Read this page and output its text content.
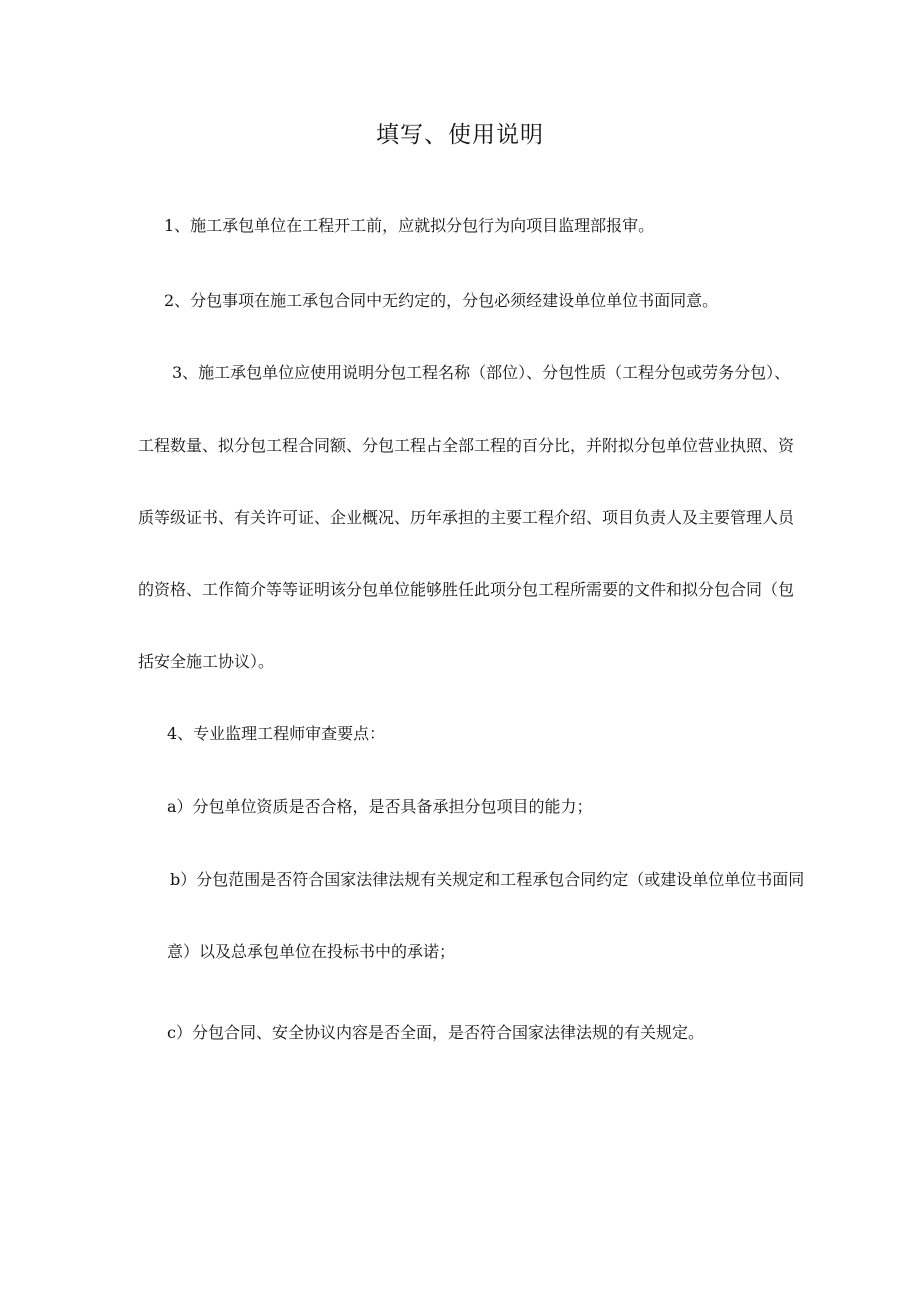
填写、使用说明
1、施工承包单位在工程开工前，应就拟分包行为向项目监理部报审。
2、分包事项在施工承包合同中无约定的，分包必须经建设单位单位书面同意。
3、施工承包单位应使用说明分包工程名称（部位）、分包性质（工程分包或劳务分包）、
工程数量、拟分包工程合同额、分包工程占全部工程的百分比，并附拟分包单位营业执照、资
质等级证书、有关许可证、企业概况、历年承担的主要工程介绍、项目负责人及主要管理人员
的资格、工作简介等等证明该分包单位能够胜任此项分包工程所需要的文件和拟分包合同（包
括安全施工协议）。
4、专业监理工程师审查要点：
a）分包单位资质是否合格，是否具备承担分包项目的能力；
b）分包范围是否符合国家法律法规有关规定和工程承包合同约定（或建设单位单位书面同
意）以及总承包单位在投标书中的承诺；
c）分包合同、安全协议内容是否全面，是否符合国家法律法规的有关规定。
